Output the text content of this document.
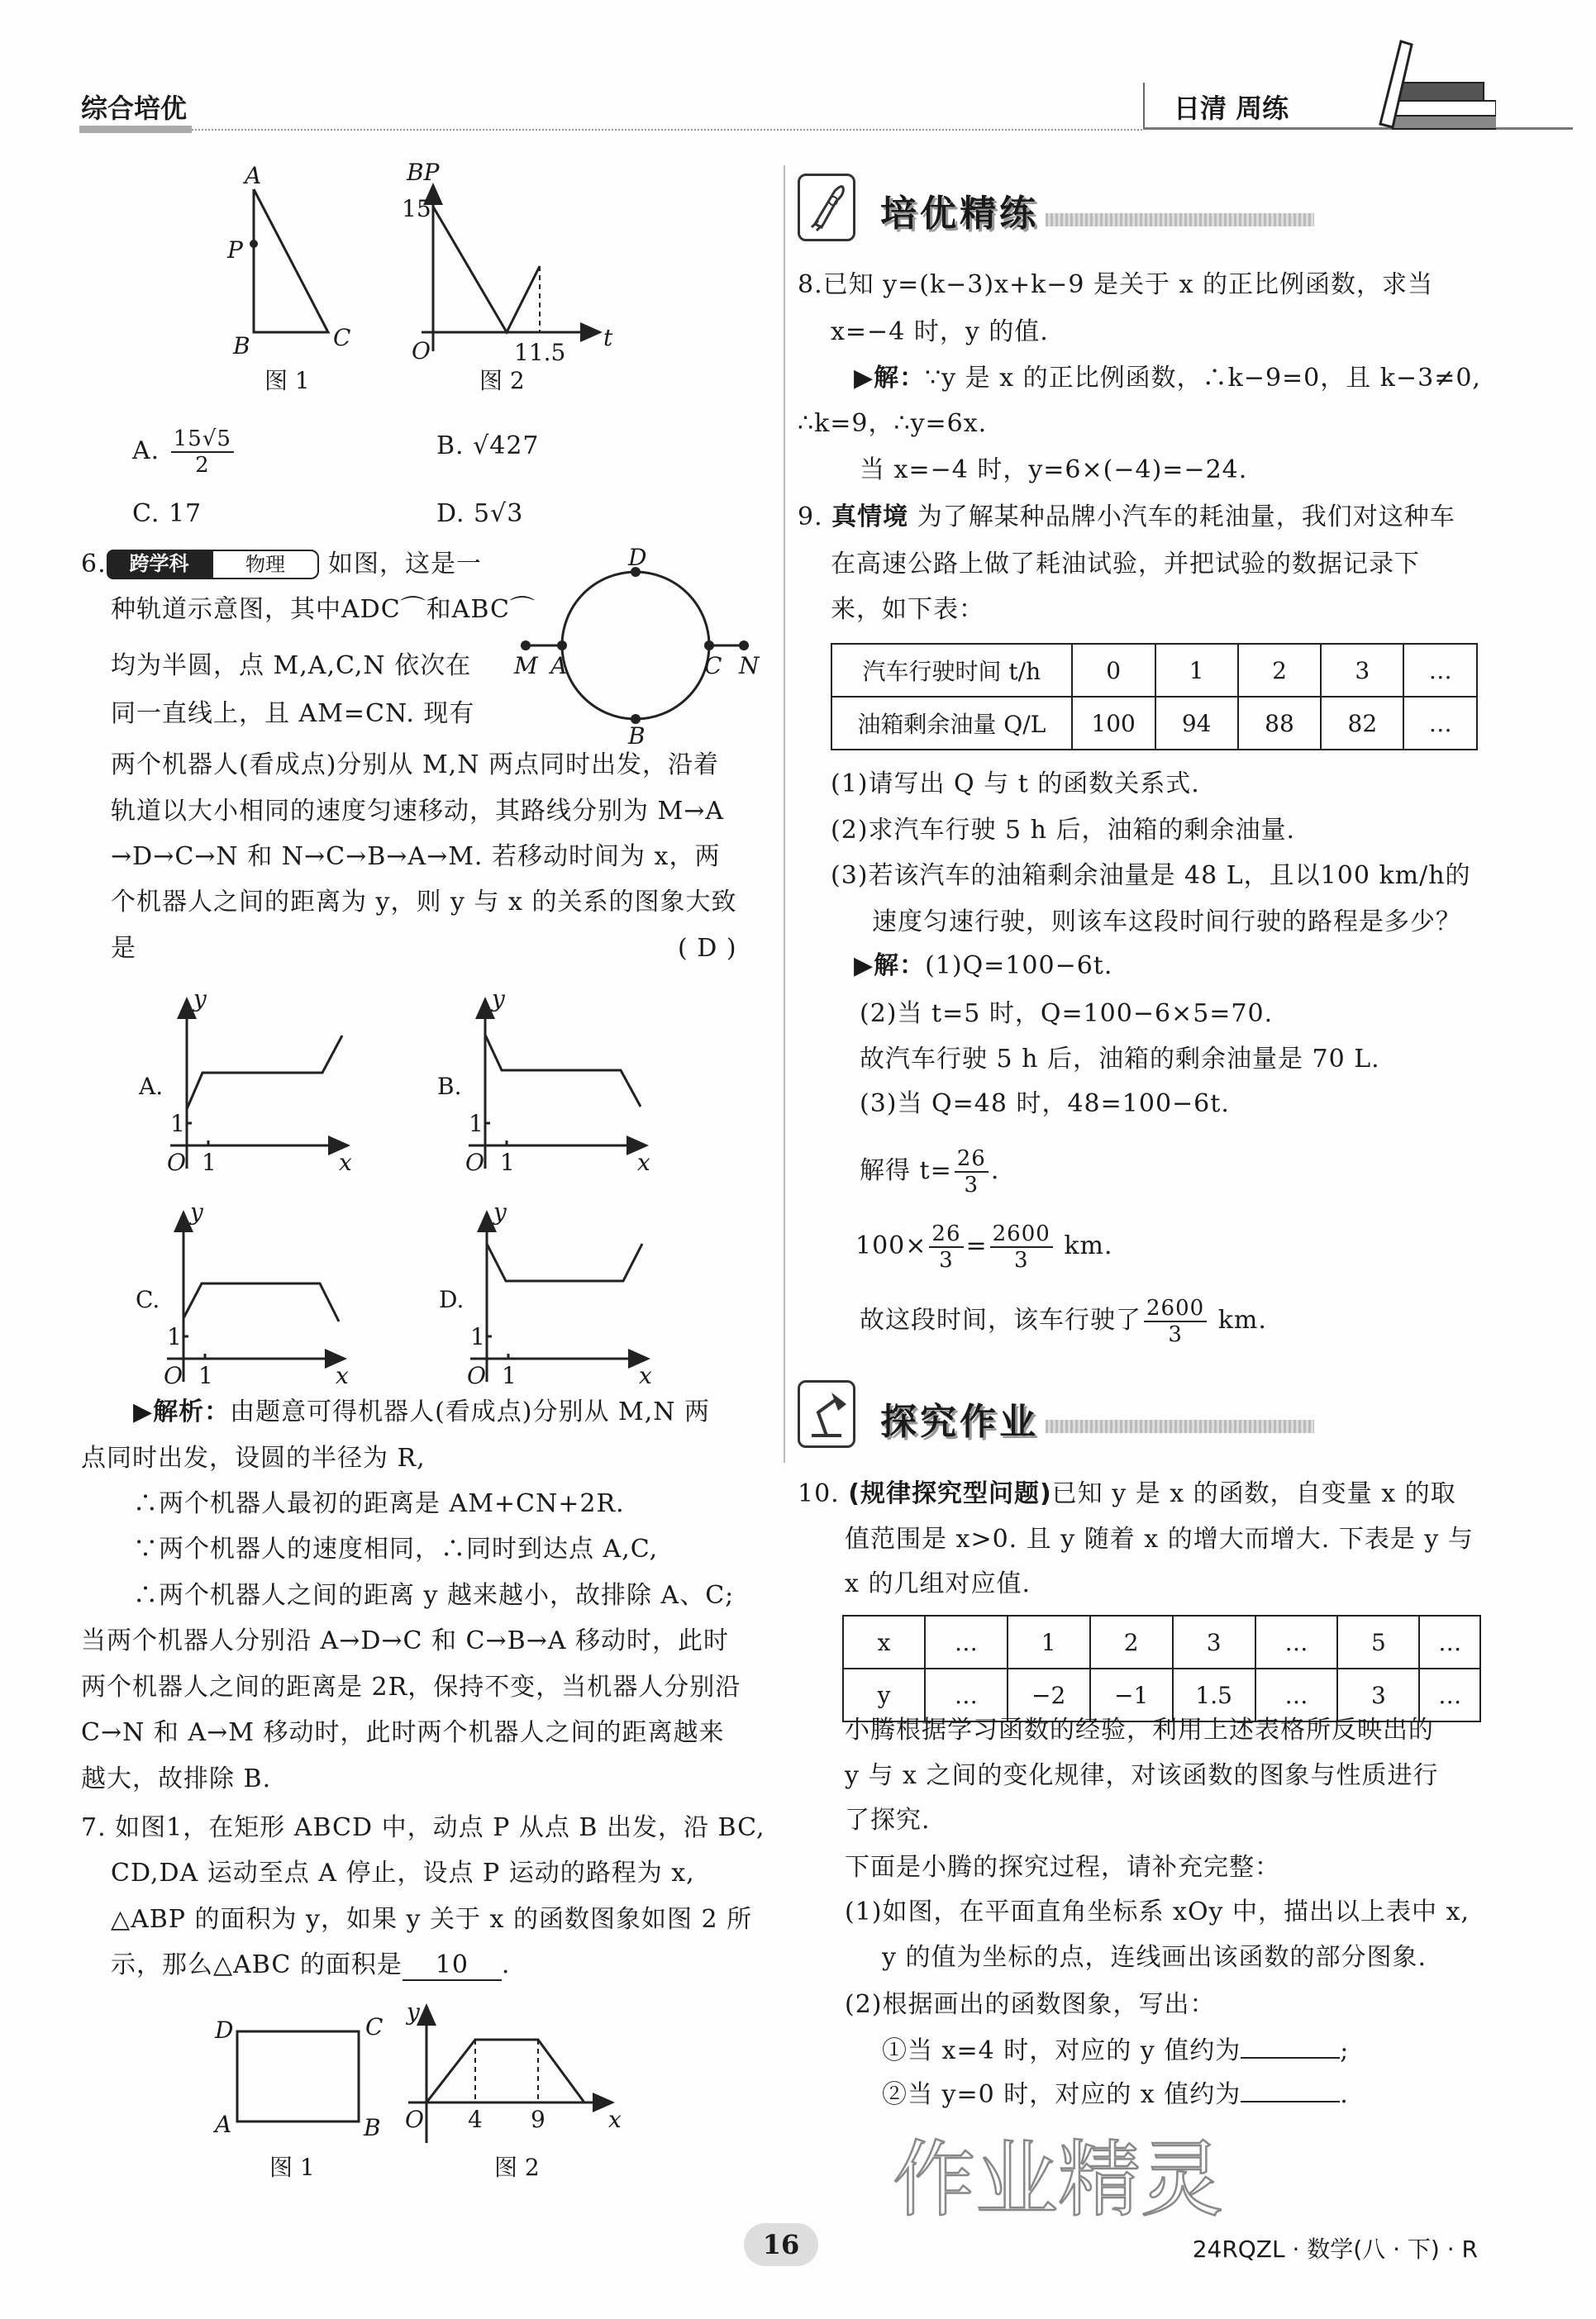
综合培优	日清 周练
培优精练
探究作业
A. $\frac{15√5}{2}$	B. √427
C. 17	D. 5√3
6.	跨学科	物理	如图，这是一
( D )
汽车行驶时间 t/h	0	1	2	3	…
油箱剩余油量 Q/L	100	94	88	82	…
x	…	1	2	3	…	5	…
y	…	−2	−1	1.5	…	3	…
A
P
B	C
图 1
BP
15
O	11.5
t
图 2
D
B
M A	C N
A.
y
O 1
1
x
B.
y
O 1
1
x
C.
y
O 1
1
x
D.
y
O 1
1
x
D	C
A	B
图 1
y
O 4 9	x
图 2	作业精灵
16	24RQZL · 数学(八 · 下) · R
种轨道示意图，其中ADC⌒和ABC⌒
均为半圆，点 M,A,C,N 依次在
同一直线上，且 AM=CN. 现有
两个机器人(看成点)分别从 M,N 两点同时出发，沿着
轨道以大小相同的速度匀速移动，其路线分别为 M→A
→D→C→N 和 N→C→B→A→M. 若移动时间为 x，两
个机器人之间的距离为 y，则 y 与 x 的关系的图象大致
是
▶解析：由题意可得机器人(看成点)分别从 M,N 两
点同时出发，设圆的半径为 R,
∴两个机器人最初的距离是 AM+CN+2R.
∵两个机器人的速度相同，∴同时到达点 A,C,
∴两个机器人之间的距离 y 越来越小，故排除 A、C;
当两个机器人分别沿 A→D→C 和 C→B→A 移动时，此时
两个机器人之间的距离是 2R，保持不变，当机器人分别沿
C→N 和 A→M 移动时，此时两个机器人之间的距离越来
越大，故排除 B.
7. 如图1，在矩形 ABCD 中，动点 P 从点 B 出发，沿 BC,
CD,DA 运动至点 A 停止，设点 P 运动的路程为 x,
△ABP 的面积为 y，如果 y 关于 x 的函数图象如图 2 所
示，那么△ABC 的面积是 10 .
8.已知 y=(k−3)x+k−9 是关于 x 的正比例函数，求当
x=−4 时，y 的值.
▶解：∵y 是 x 的正比例函数，∴k−9=0，且 k−3≠0,
∴k=9，∴y=6x.
当 x=−4 时，y=6×(−4)=−24.
9. 真情境 为了解某种品牌小汽车的耗油量，我们对这种车
在高速公路上做了耗油试验，并把试验的数据记录下
来，如下表：
(1)请写出 Q 与 t 的函数关系式.
(2)求汽车行驶 5 h 后，油箱的剩余油量.
(3)若该汽车的油箱剩余油量是 48 L，且以100 km/h的
速度匀速行驶，则该车这段时间行驶的路程是多少？
▶解：(1)Q=100−6t.
(2)当 t=5 时，Q=100−6×5=70.
故汽车行驶 5 h 后，油箱的剩余油量是 70 L.
(3)当 Q=48 时，48=100−6t.
解得 $t= \frac{26}{3}$ .
$100\times \frac{26}{3} = \frac{2600}{3}$ km.
故这段时间，该车行驶了 $\frac{2600}{3}$ km.
10. (规律探究型问题)已知 y 是 x 的函数，自变量 x 的取
值范围是 x>0. 且 y 随着 x 的增大而增大. 下表是 y 与
x 的几组对应值.
小腾根据学习函数的经验，利用上述表格所反映出的
y 与 x 之间的变化规律，对该函数的图象与性质进行
了探究.
下面是小腾的探究过程，请补充完整：
(1)如图，在平面直角坐标系 xOy 中，描出以上表中 x,
y 的值为坐标的点，连线画出该函数的部分图象.
(2)根据画出的函数图象，写出：
①当 x=4 时，对应的 y 值约为	;
②当 y=0 时，对应的 x 值约为	.
